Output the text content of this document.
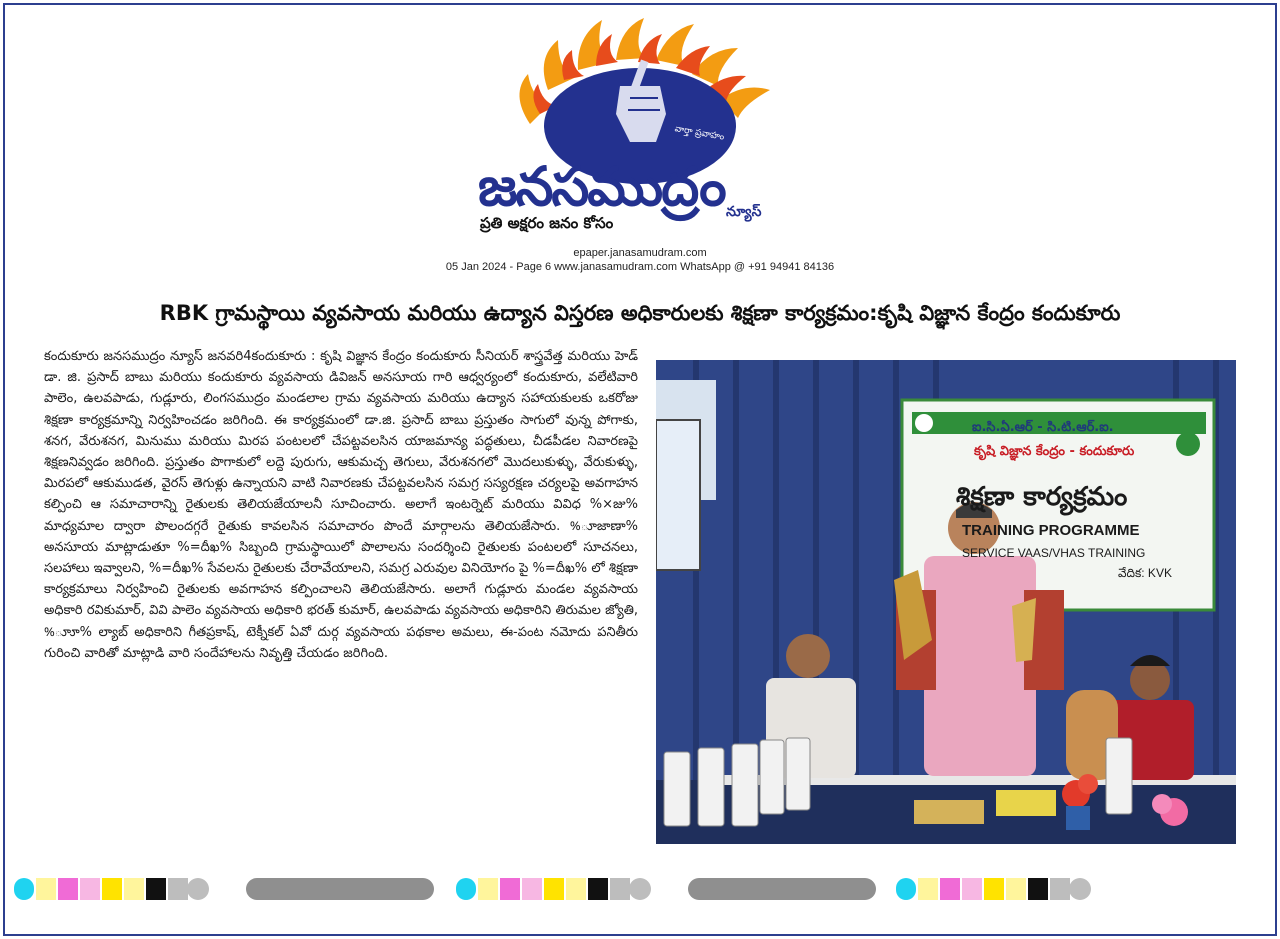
నిరంతర
వార్తా ప్రవాహం
జనసముద్రం న్యూస్
ప్రతి అక్షరం జనం కోసం
epaper.janasamudram.com
05 Jan 2024 - Page 6 www.janasamudram.com WhatsApp @ +91 94941 84136
RBK గ్రామస్థాయి వ్యవసాయ మరియు ఉద్యాన విస్తరణ అధికారులకు శిక్షణా కార్యక్రమం:కృషి విజ్ఞాన కేంద్రం కందుకూరు
కందుకూరు జనసముద్రం న్యూస్ జనవరి4కందుకూరు : కృషి విజ్ఞాన కేంద్రం కందుకూరు సీనియర్ శాస్త్రవేత్త మరియు హెడ్ డా. జి. ప్రసాద్ బాబు మరియు కందుకూరు వ్యవసాయ డివిజన్ అనసూయ గారి ఆధ్వర్యంలో కందుకూరు, వలేటివారి పాలెం, ఉలవపాడు, గుడ్లూరు, లింగసముద్రం మండలాల గ్రామ వ్యవసాయ మరియు ఉద్యాన సహాయకులకు ఒకరోజు శిక్షణా కార్యక్రమాన్ని నిర్వహించడం జరిగింది. ఈ కార్యక్రమంలో డా.జి. ప్రసాద్ బాబు ప్రస్తుతం సాగులో వున్న పోగాకు, శనగ, వేరుశనగ, మినుము మరియు మిరప పంటలలో చేపట్టవలసిన యాజమాన్య పద్ధతులు, చీడపీడల నివారణపై శిక్షణనివ్వడం జరిగింది. ప్రస్తుతం పొగాకులో లద్దె పురుగు, ఆకుమచ్చ తెగులు, వేరుశనగలో మొదలుకుళ్ళు, వేరుకుళ్ళు, మిరపలో ఆకుముడత, వైరస్ తెగుళ్లు ఉన్నాయని వాటి నివారణకు చేపట్టవలసిన సమగ్ర సస్యరక్షణ చర్యలపై అవగాహన కల్పించి ఆ సమాచారాన్ని రైతులకు తెలియజేయాలనీ సూచించారు. అలాగే ఇంటర్నెట్ మరియు వివిధ %×జు% మాధ్యమాల ద్వారా పొలందగ్గరే రైతుకు కావలసిన సమాచారం పొందే మార్గాలను తెలియజేసారు. %ూజాణా% అనసూయ మాట్లాడుతూ %=దీఖ% సిబ్బంది గ్రామస్థాయిలో పొలాలను సందర్శించి రైతులకు పంటలలో సూచనలు, సలహాలు ఇవ్వాలని, %=దీఖ% సేవలను రైతులకు చేరావేయాలని, సమగ్ర ఎరువుల వినియోగం పై %=దీఖ% లో శిక్షణా కార్యక్రమాలు నిర్వహించి రైతులకు అవగాహన కల్పించాలని తెలియజేసారు. అలాగే గుడ్లూరు మండల వ్యవసాయ అధికారి రవికుమార్, వివి పాలెం వ్యవసాయ అధికారి భరత్ కుమార్, ఉలవపాడు వ్యవసాయ అధికారిని తిరుమల జ్యోతి, %ూూ% ల్యాబ్ అధికారిని గీతప్రకాష్, టెక్నీకల్ ఏవో దుర్గ వ్యవసాయ పథకాల అమలు, ఈ-పంట నమోదు పనితీరు గురించి వారితో మాట్లాడి వారి సందేహాలను నివృత్తి చేయడం జరిగింది.
ఐ.సి.ఏ.ఆర్ - సి.టి.ఆర్.ఐ.
కృషి విజ్ఞాన కేంద్రం - కందుకూరు
శిక్షణా కార్యక్రమం
TRAINING PROGRAMME
SERVICE VAAS/VHAS TRAINING
వేదిక: KVK
